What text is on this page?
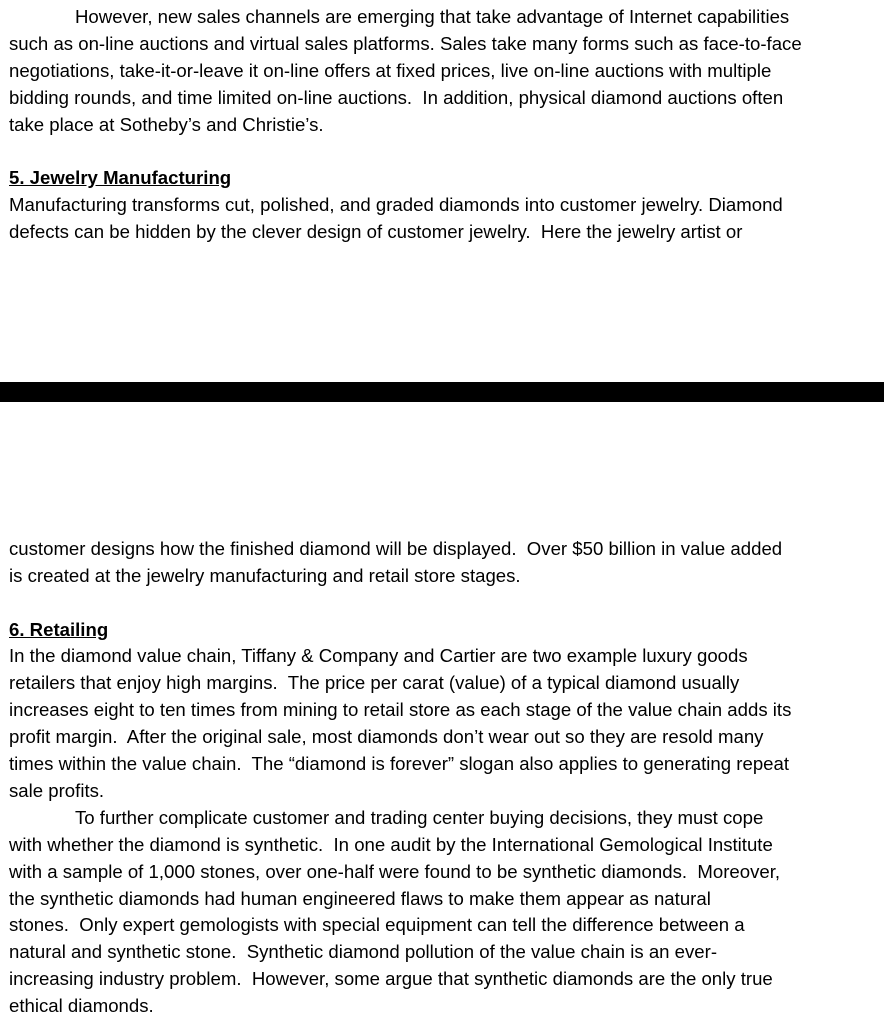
However, new sales channels are emerging that take advantage of Internet capabilities
such as on-line auctions and virtual sales platforms. Sales take many forms such as face-to-face
negotiations, take-it-or-leave it on-line offers at fixed prices, live on-line auctions with multiple
bidding rounds, and time limited on-line auctions.  In addition, physical diamond auctions often
take place at Sotheby’s and Christie’s.
5. Jewelry Manufacturing
Manufacturing transforms cut, polished, and graded diamonds into customer jewelry. Diamond
defects can be hidden by the clever design of customer jewelry.  Here the jewelry artist or
customer designs how the finished diamond will be displayed.  Over $50 billion in value added
is created at the jewelry manufacturing and retail store stages.
6. Retailing
In the diamond value chain, Tiffany & Company and Cartier are two example luxury goods
retailers that enjoy high margins.  The price per carat (value) of a typical diamond usually
increases eight to ten times from mining to retail store as each stage of the value chain adds its
profit margin.  After the original sale, most diamonds don’t wear out so they are resold many
times within the value chain.  The “diamond is forever” slogan also applies to generating repeat
sale profits.
To further complicate customer and trading center buying decisions, they must cope
with whether the diamond is synthetic.  In one audit by the International Gemological Institute
with a sample of 1,000 stones, over one-half were found to be synthetic diamonds.  Moreover,
the synthetic diamonds had human engineered flaws to make them appear as natural
stones.  Only expert gemologists with special equipment can tell the difference between a
natural and synthetic stone.  Synthetic diamond pollution of the value chain is an ever-
increasing industry problem.  However, some argue that synthetic diamonds are the only true
ethical diamonds.
